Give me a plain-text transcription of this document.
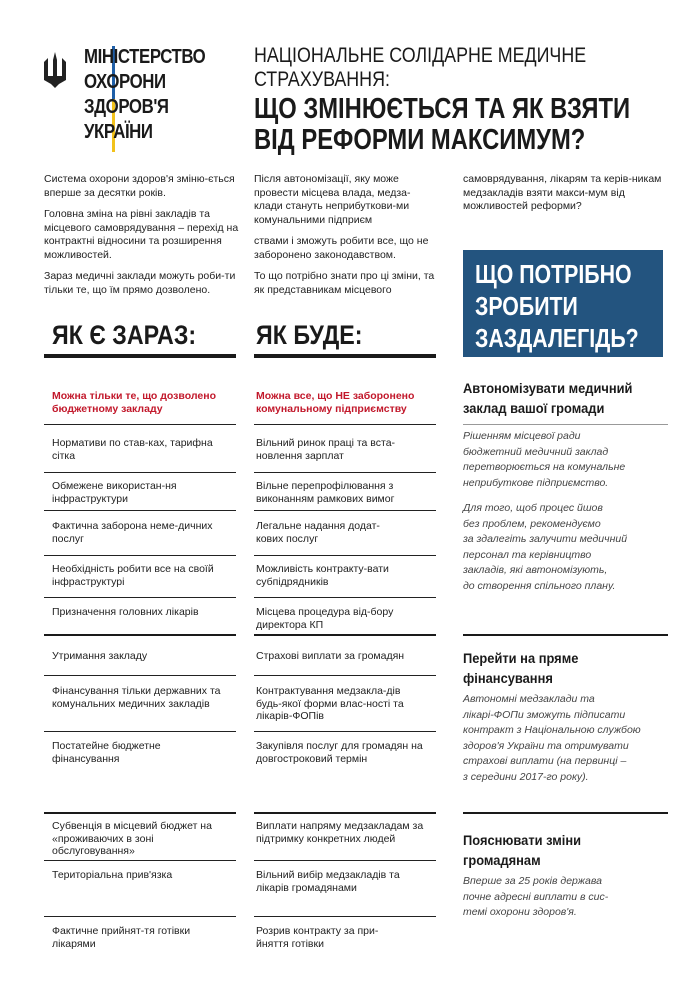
МІНІСТЕРСТВО
ОХОРОНИ
ЗДОРОВ'Я
УКРАЇНИ
НАЦІОНАЛЬНЕ СОЛІДАРНЕ МЕДИЧНЕ
СТРАХУВАННЯ:
ЩО ЗМІНЮЄТЬСЯ ТА ЯК ВЗЯТИ
ВІД РЕФОРМИ МАКСИМУМ?

Система охорони здоров'я зміню-ється вперше за десятки років.

Головна зміна на рівні закладів та місцевого самоврядування – перехід на контрактні відносини та розширення можливостей.

Зараз медичні заклади можуть роби-ти тільки те, що їм прямо дозволено.

Після автономізації, яку може провести місцева влада, медза-клади стануть неприбуткови-ми комунальними підприєм

ствами і зможуть робити все, що не заборонено законодавством.

То що потрібно знати про ці зміни, та як представникам місцевого

самоврядування, лікарям та керів-никам медзакладів взяти макси-мум від можливостей реформи?

ЩО ПОТРІБНО
ЗРОБИТИ
ЗАЗДАЛЕГІДЬ?
ЯК Є ЗАРАЗ: ЯК БУДЕ:
Можна тільки те, що дозволено бюджетному закладу
Можна все, що НЕ заборонено комунальному підприємству
Нормативи по став-ках, тарифна сітка
Обмежене використан-ня інфраструктури
Фактична заборона неме-дичних послуг
Необхідність робити все на своїй інфраструктурі
Призначення головних лікарів
Утримання закладу
Фінансування тільки державних та комунальних медичних закладів
Постатейне бюджетне фінансування
Субвенція в місцевий бюджет на «проживаючих в зоні обслуговування»
Територіальна прив'язка
Фактичне прийнят-тя готівки лікарями
Вільний ринок праці та вста-новлення зарплат
Вільне перепрофілювання з виконанням рамкових вимог
Легальне надання додат-кових послуг
Можливість контракту-вати субпідрядників
Місцева процедура від-бору директора КП
Страхові виплати за громадян
Контрактування медзакла-дів будь-якої форми влас-ності та лікарів-ФОПів
Закупівля послуг для громадян на довгостроковий термін
Виплати напряму медзакладам за підтримку конкретних людей
Вільний вибір медзакладів та лікарів громадянами
Розрив контракту за при-йняття готівки
Автономізувати медичний
заклад вашої громади
Рішенням місцевої ради
бюджетний медичний заклад
перетворюється на комунальне
неприбуткове підприємство.
Для того, щоб процес йшов
без проблем, рекомендуємо
за здалегіть залучити медичний
персонал та керівництво
закладів, які автономізують,
до створення спільного плану.
Перейти на пряме
фінансування
Автономні медзаклади та
лікарі-ФОПи зможуть підписати
контракт з Національною службою
здоров'я України та отримувати
страхові виплати (на первинці –
з середини 2017-го року).
Пояснювати зміни
громадянам
Вперше за 25 років держава
почне адресні виплати в сис-
темі охорони здоров'я.
